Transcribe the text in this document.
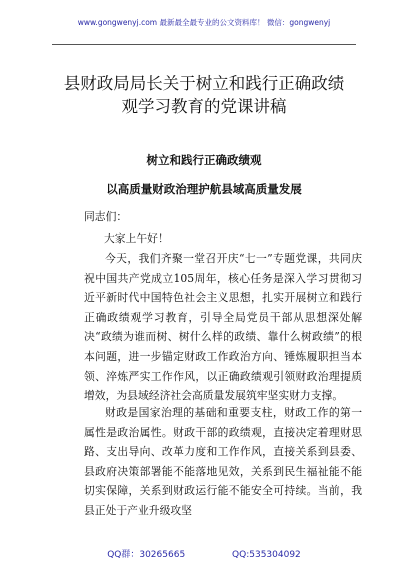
www.gongwenyj.com 最新最全最专业的公文资料库！ 微信：gongwenyj
县财政局局长关于树立和践行正确政绩观学习教育的党课讲稿
树立和践行正确政绩观
以高质量财政治理护航县域高质量发展
同志们：
大家上午好！
今天，我们齐聚一堂召开庆“七一”专题党课，共同庆祝中国共产党成立105周年，核心任务是深入学习贯彻习近平新时代中国特色社会主义思想，扎实开展树立和践行正确政绩观学习教育，引导全局党员干部从思想深处解决“政绩为谁而树、树什么样的政绩、靠什么树政绩”的根本问题，进一步锚定财政工作政治方向、锤炼履职担当本领、淬炼严实工作作风，以正确政绩观引领财政治理提质增效，为县域经济社会高质量发展筑牢坚实财力支撑。
财政是国家治理的基础和重要支柱，财政工作的第一属性是政治属性。财政干部的政绩观，直接决定着理财思路、支出导向、改革力度和工作作风，直接关系到县委、县政府决策部署能不能落地见效，关系到民生福祉能不能切实保障，关系到财政运行能不能安全可持续。当前，我县正处于产业升级攻坚
QQ群：30265665	QQ:535304092
